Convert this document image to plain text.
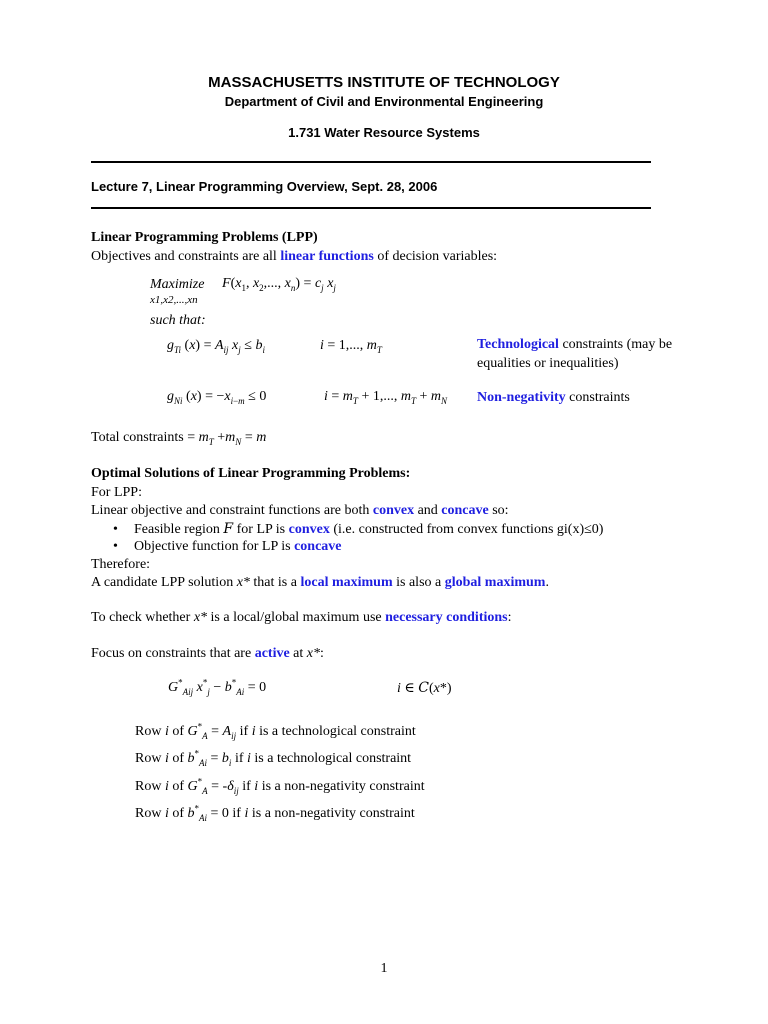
MASSACHUSETTS INSTITUTE OF TECHNOLOGY
Department of Civil and Environmental Engineering
1.731 Water Resource Systems
Lecture 7, Linear Programming Overview, Sept. 28, 2006
Linear Programming Problems (LPP)
Objectives and constraints are all linear functions of decision variables:
Maximize
x1,x2,...,xn
$F(x_1$, $x_2$,..., $x_n) = c_j$ $x_j$
such that:
$g_{Ti}$ $(x) = A_{ij}$ $x_j \le b_i$	i = 1,..., $m_T$	Technological constraints (may be
equalities or inequalities)
$g_{Ni}$ $(x) = -x_{i-m} \le 0$	$i = m_T + 1$,..., $m_T + m_N$ Non-negativity constraints
Total constraints = $m_T +m_N = m$
Optimal Solutions of Linear Programming Problems:
For LPP:
Linear objective and constraint functions are both convex and concave so:
• Feasible region F for LP is convex (i.e. constructed from convex functions gi(x)≤0)
• Objective function for LP is concave
Therefore:
A candidate LPP solution x* that is a local maximum is also a global maximum.
To check whether x* is a local/global maximum use necessary conditions:
Focus on constraints that are active at x*:
$G^*_{Aij}$ $x^*_j - b^*_{Ai} = 0$	i ∈ C(x*)
Row i of $G^*_A = A_{ij}$ if i is a technological constraint
Row i of $b^*_{Ai} = b_i$ if i is a technological constraint
Row i of $G^*_A = -\delta_{ij}$ if i is a non-negativity constraint
Row i of $b^*_{Ai} = 0$ if i is a non-negativity constraint
1
